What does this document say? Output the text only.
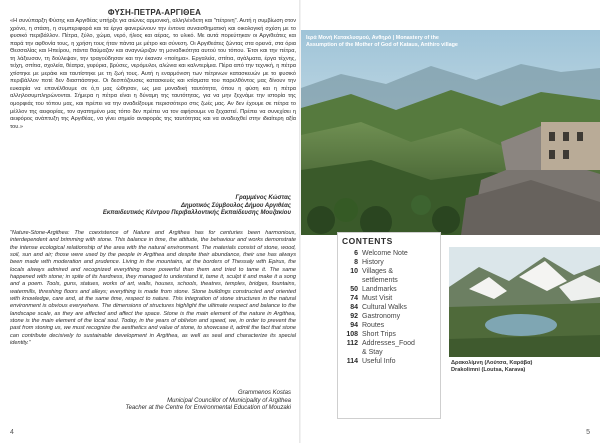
ΦΥΣΗ-ΠΕΤΡΑ-ΑΡΓΙΘΕΑ
«Η συνύπαρξη Φύσης και Αργιθέας υπήρξε για αιώνες αρμονική, αλληλένδετη και "πέτρινη". Αυτή η συμβίωση στον χρόνο, η στάση, η συμπεριφορά και τα έργα φανερώνουν την έντονα συναισθηματική και οικολογική σχέση με το φυσικό περιβάλλον. Πέτρα, ξύλο, χώμα, νερό, ήλιος και αέρας, το υλικό. Με αυτά πορεύτηκαν οι Αργιθεάτες και παρά την αφθονία τους, η χρήση τους ήταν πάντα με μέτρο και σύνεση. Οι Αργιθεάτες ζώντας στα ορεινά, στα όρια Θεσσαλίας και Ηπείρου, πάντα θαύμαζαν και αναγνώριζαν τη μοναδικότητα αυτού του τόπου. Έτσι και την πέτρα, τη λάξευσαν, τη δούλεψαν, την τραγούδησαν και την έκαναν «ποίημα». Εργαλεία, σπίτια, αγάλματα, έργα τέχνης, τείχη, σπίτια, σχολεία, θέατρα, γεφύρια, βρύσες, νερόμυλοι, αλώνια και καλντερίμια. Πέρα από την τεχνική, η πέτρα χτίστηκε με μεράκι και ταυτίστηκε με τη ζωή τους. Αυτή η εναρμόνιση των πέτρινων κατασκευών με το φυσικό περιβάλλον ποτέ δεν διασπάστηκε. Οι δεσπόζουσες κατασκευές και κτίσματα του παρελθόντος μας δίνουν την ευκαιρία να επανέλθουμε σε ό,τι μας ώθησαν, ως μια μοναδική ταυτότητα, όπου η φύση και η πέτρα αλληλοσυμπληρώνονται. Σήμερα η πέτρα είναι η δύναμη της ταυτότητας, για να μην ξεχνάμε την ιστορία της ομορφιάς του τόπου μας, και πρέπει να την αναδείξουμε περισσότερο στις ζωές μας. Αν δεν έχουμε σε πέτρα το μέλλον της αειφορίας, τον αγαπημένο μας τόπο δεν πρέπει να τον αφήσουμε να ξεχαστεί. Πρέπει να συνεχίσει η αειφόρος ανάπτυξη της Αργιθέας, να γίνει σημείο αναφοράς της ταυτότητας και να αναδειχθεί στην ιδιαίτερη αξία του.»
Γραμμένος Κώστας
Δημοτικός Σύμβουλος Δήμου Αργιθέας
Εκπαιδευτικός Κέντρου Περιβαλλοντικής Εκπαίδευσης Μουζακίου
“Nature-Stone-Argithea: The coexistence of Nature and Argithea has for centuries been harmonious, interdependent and brimming with stone. This balance in time, the attitude, the behaviour and works demonstrate the intense ecological relationship of the area with the natural environment. The materials consist of stone, wood, soil, sun and air; those were used by the people in Argithea and despite their abundance, their use has always been made with moderation and prudence. Living in the mountains, at the borders of Thessaly with Epirus, the locals always admired and recognized everything more powerful than them and tried to tame it. The same happened with stone; in spite of its hardness, they managed to understand it, tame it, sculpt it and make it a song and a poem. Tools, guns, statues, works of art, walls, houses, schools, theatres, temples, bridges, fountains, watermills, threshing floors and alleys; everything is made from stone. Stone buildings constructed and oriented with knowledge, care and, at the same time, respect to nature. This integration of stone structures in the natural environment is obvious everywhere. The dimensions of structures highlight the ultimate respect and balance to the landscape scale, as they are affected and affect the space. Stone is the main element of the nature in Argithea, stone is the main element of the local soul. Today, in the years of oblivion and speed, we, in order to prevent the past from stoning us, we must recognize the aesthetics and value of stone, to showcase it, admit the fact that stone can contribute decisively to sustainable development in Argithea, as well as seal and characterize its special identity.”
Grammenos Kostas
Municipal Councillor of Municipality of Argithea
Teacher at the Centre for Environmental Education of Mouzaki
4
Ιερά Μονή Κατακλυσμού, Ανθηρό | Monastery of the Assumption of the Mother of God of Kataus, Anthiro village
CONTENTS
6 Welcome Note
8 History
10 Villages &
settlements
50 Landmarks
74 Must Visit
84 Cultural Walks
92 Gastronomy
94 Routes
108 Short Trips
112 Addresses_Food
& Stay
114 Useful Info	Δρακολίμνη (Λούτσα, Καράβα)
Drakolimni (Loutsa, Karava)
5
